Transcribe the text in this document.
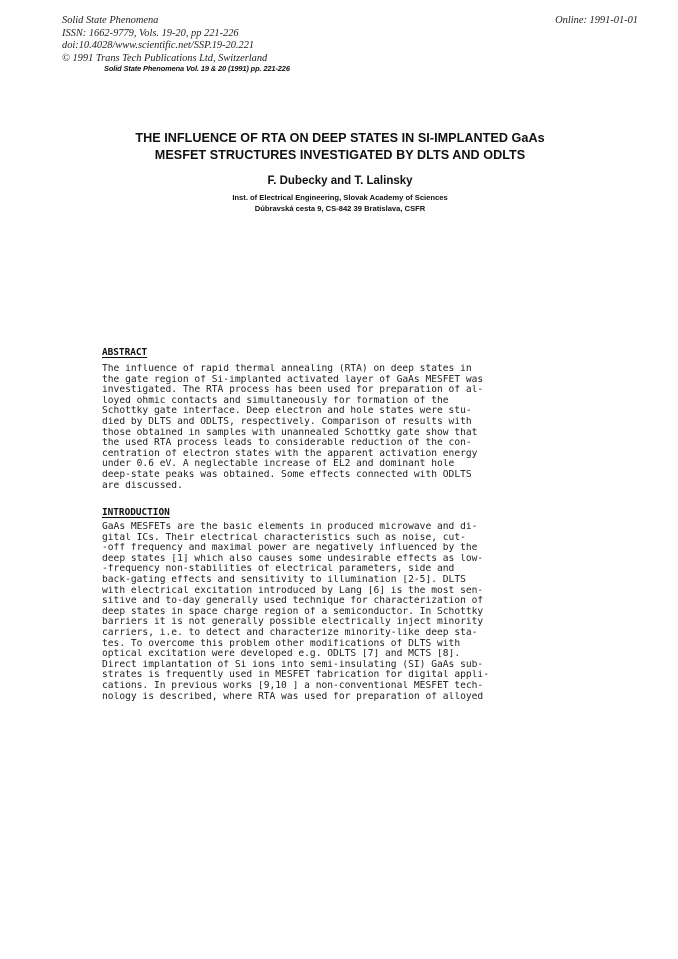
Solid State Phenomena
ISSN: 1662-9779, Vols. 19-20, pp 221-226
doi:10.4028/www.scientific.net/SSP.19-20.221
© 1991 Trans Tech Publications Ltd, Switzerland
Online: 1991-01-01
Solid State Phenomena Vol. 19 & 20 (1991) pp. 221-226
THE INFLUENCE OF RTA ON DEEP STATES IN SI-IMPLANTED GaAs
MESFET STRUCTURES INVESTIGATED BY DLTS AND ODLTS
F. Dubecky and T. Lalinsky
Inst. of Electrical Engineering, Slovak Academy of Sciences
Dúbravská cesta 9, CS-842 39 Bratislava, CSFR
ABSTRACT
The influence of rapid thermal annealing (RTA) on deep states in
the gate region of Si-implanted activated layer of GaAs MESFET was
investigated. The RTA process has been used for preparation of al-
loyed ohmic contacts and simultaneously for formation of the
Schottky gate interface. Deep electron and hole states were stu-
died by DLTS and ODLTS, respectively. Comparison of results with
those obtained in samples with unannealed Schottky gate show that
the used RTA process leads to considerable reduction of the con-
centration of electron states with the apparent activation energy
under 0.6 eV. A neglectable increase of EL2 and dominant hole
deep-state peaks was obtained. Some effects connected with ODLTS
are discussed.
INTRODUCTION
GaAs MESFETs are the basic elements in produced microwave and di-
gital ICs. Their electrical characteristics such as noise, cut-
-off frequency and maximal power are negatively influenced by the
deep states [1] which also causes some undesirable effects as low-
-frequency non-stabilities of electrical parameters, side and
back-gating effects and sensitivity to illumination [2-5]. DLTS
with electrical excitation introduced by Lang [6] is the most sen-
sitive and to-day generally used technique for characterization of
deep states in space charge region of a semiconductor. In Schottky
barriers it is not generally possible electrically inject minority
carriers, i.e. to detect and characterize minority-like deep sta-
tes. To overcome this problem other modifications of DLTS with
optical excitation were developed e.g. ODLTS [7] and MCTS [8].
Direct implantation of Si ions into semi-insulating (SI) GaAs sub-
strates is frequently used in MESFET fabrication for digital appli-
cations. In previous works [9,10 ] a non-conventional MESFET tech-
nology is described, where RTA was used for preparation of alloyed
